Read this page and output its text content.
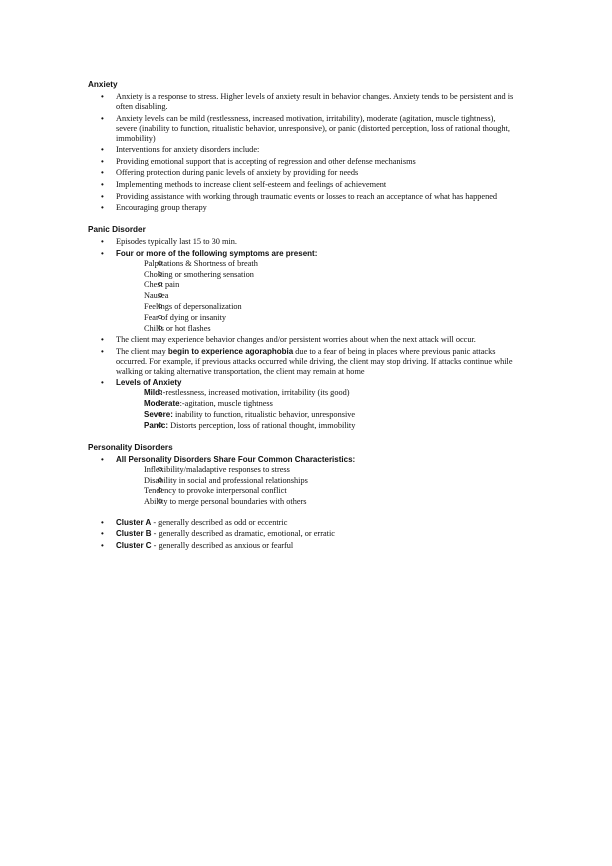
Anxiety
• Anxiety is a response to stress. Higher levels of anxiety result in behavior changes. Anxiety tends to be persistent and is often disabling.
• Anxiety levels can be mild (restlessness, increased motivation, irritability), moderate (agitation, muscle tightness), severe (inability to function, ritualistic behavior, unresponsive), or panic (distorted perception, loss of rational thought, immobility)
• Interventions for anxiety disorders include:
• Providing emotional support that is accepting of regression and other defense mechanisms
• Offering protection during panic levels of anxiety by providing for needs
• Implementing methods to increase client self-esteem and feelings of achievement
• Providing assistance with working through traumatic events or losses to reach an acceptance of what has happened
• Encouraging group therapy
Panic Disorder
• Episodes typically last 15 to 30 min.
• Four or more of the following symptoms are present:
o Palpitations & Shortness of breath
o Choking or smothering sensation
o Chest pain
o Nausea
o Feelings of depersonalization
o Fear of dying or insanity
o Chills or hot flashes
• The client may experience behavior changes and/or persistent worries about when the next attack will occur.
• The client may begin to experience agoraphobia due to a fear of being in places where previous panic attacks occurred. For example, if previous attacks occurred while driving, the client may stop driving. If attacks continue while walking or taking alternative transportation, the client may remain at home
• Levels of Anxiety
o Mild:-restlessness, increased motivation, irritability (its good)
o Moderate:-agitation, muscle tightness
o Severe: inability to function, ritualistic behavior, unresponsive
o Panic: Distorts perception, loss of rational thought, immobility
Personality Disorders
• All Personality Disorders Share Four Common Characteristics:
o Inflexibility/maladaptive responses to stress
o Disability in social and professional relationships
o Tendency to provoke interpersonal conflict
o Ability to merge personal boundaries with others
• Cluster A - generally described as odd or eccentric
• Cluster B - generally described as dramatic, emotional, or erratic
• Cluster C - generally described as anxious or fearful
